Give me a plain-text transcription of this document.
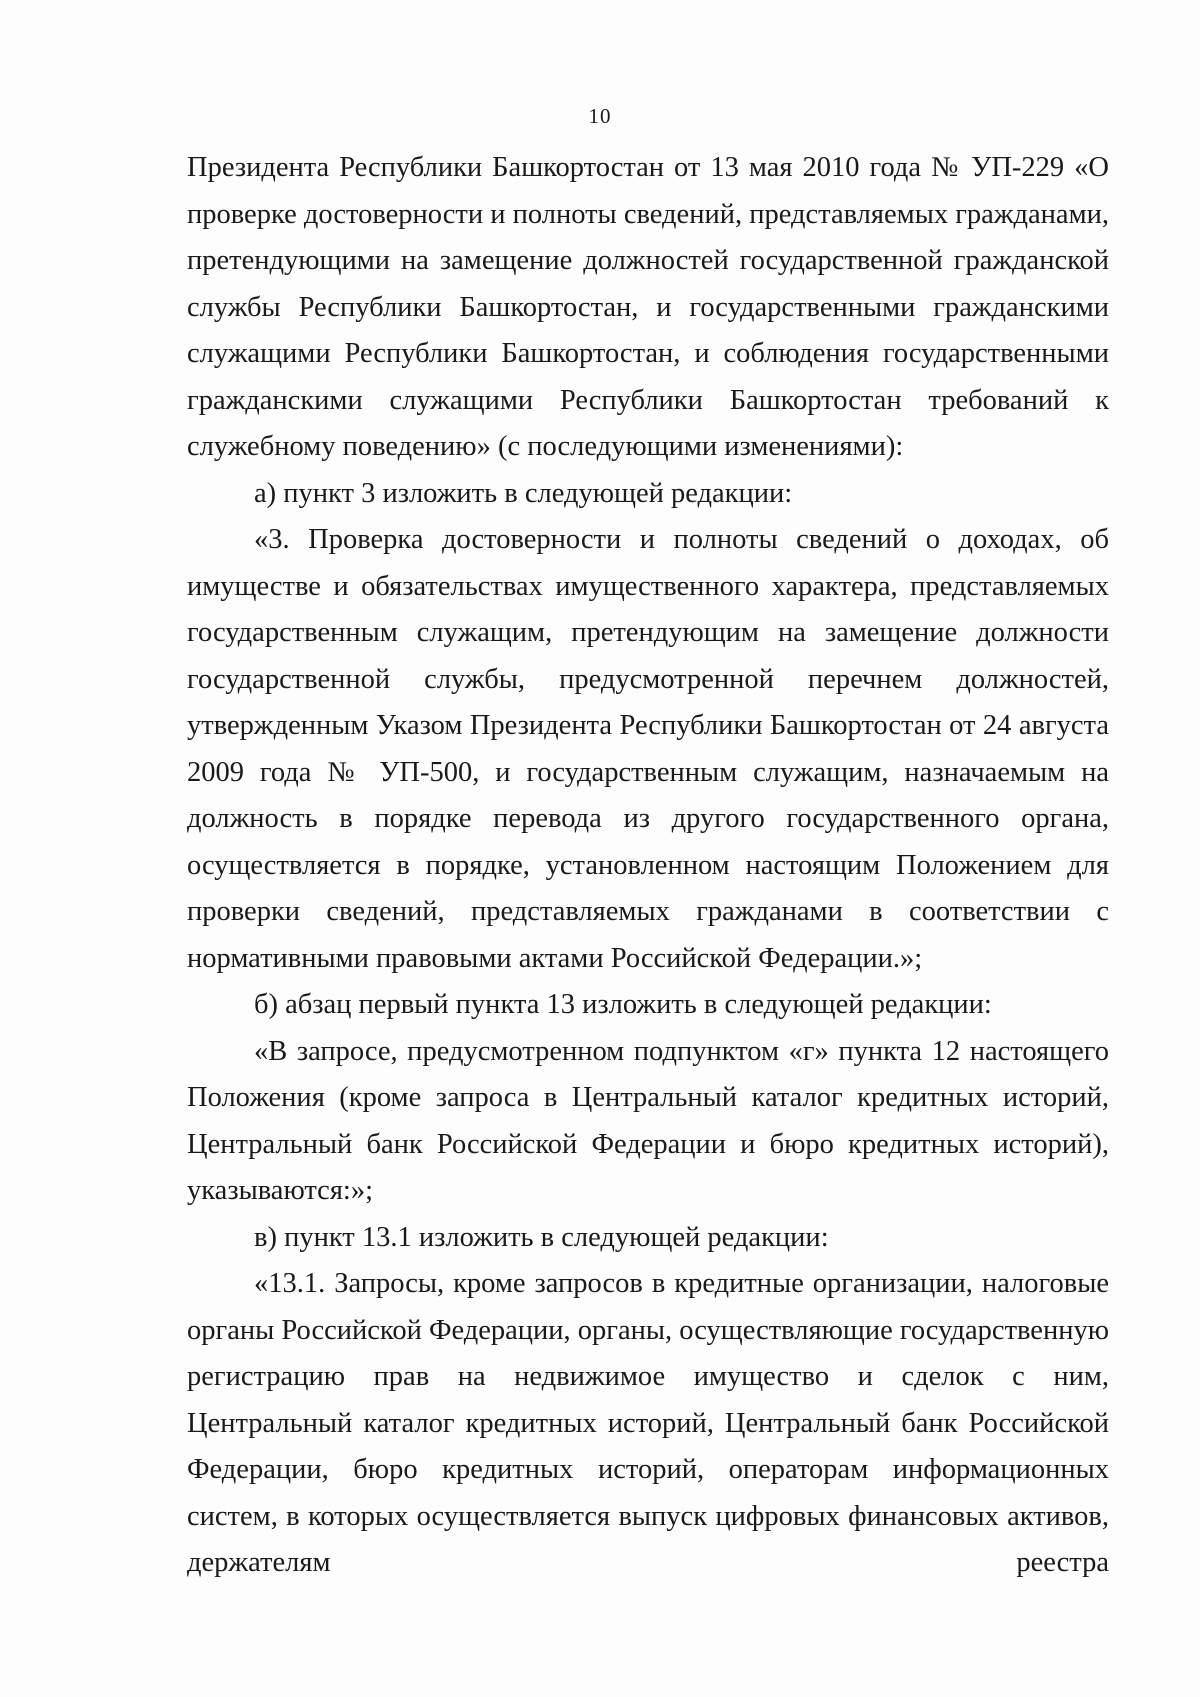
10

Президента Республики Башкортостан от 13 мая 2010 года № УП-229 «О проверке достоверности и полноты сведений, представляемых гражданами, претендующими на замещение должностей государственной гражданской службы Республики Башкортостан, и государственными гражданскими служащими Республики Башкортостан, и соблюдения государственными гражданскими служащими Республики Башкортостан требований к служебному поведению» (с последующими изменениями):

а) пункт 3 изложить в следующей редакции:

«3. Проверка достоверности и полноты сведений о доходах, об имуществе и обязательствах имущественного характера, представляемых государственным служащим, претендующим на замещение должности государственной службы, предусмотренной перечнем должностей, утвержденным Указом Президента Республики Башкортостан от 24 августа 2009 года № УП-500, и государственным служащим, назначаемым на должность в порядке перевода из другого государственного органа, осуществляется в порядке, установленном настоящим Положением для проверки сведений, представляемых гражданами в соответствии с нормативными правовыми актами Российской Федерации.»;

б) абзац первый пункта 13 изложить в следующей редакции:

«В запросе, предусмотренном подпунктом «г» пункта 12 настоящего Положения (кроме запроса в Центральный каталог кредитных историй, Центральный банк Российской Федерации и бюро кредитных историй), указываются:»;

в) пункт 13.1 изложить в следующей редакции:

«13.1. Запросы, кроме запросов в кредитные организации, налоговые органы Российской Федерации, органы, осуществляющие государственную регистрацию прав на недвижимое имущество и сделок с ним, Центральный каталог кредитных историй, Центральный банк Российской Федерации, бюро кредитных историй, операторам информационных систем, в которых осуществляется выпуск цифровых финансовых активов, держателям реестра
